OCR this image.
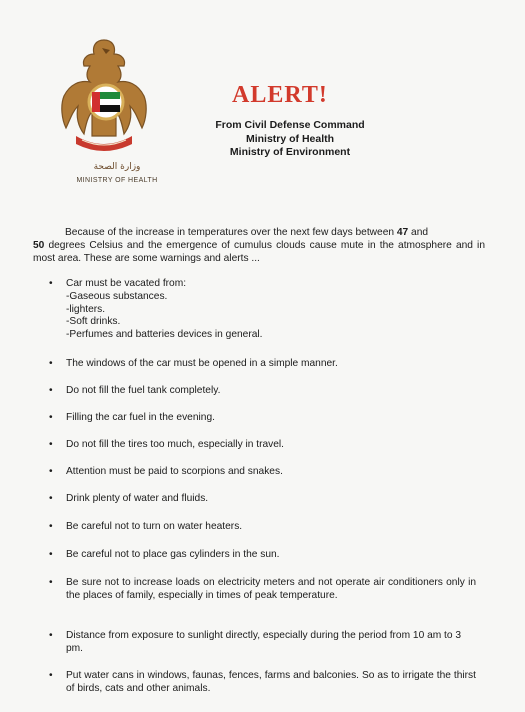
وزارة الصحة
MINISTRY OF HEALTH
ALERT!
From Civil Defense Command
Ministry of Health
Ministry of Environment

Because of the increase in temperatures over the next few days between 47 and
50 degrees Celsius and the emergence of cumulus clouds cause mute in the atmosphere and in most area. These are some warnings and alerts ...

• Car must be vacated from:
-Gaseous substances.
-lighters.
-Soft drinks.
-Perfumes and batteries devices in general.
• The windows of the car must be opened in a simple manner.
• Do not fill the fuel tank completely.
• Filling the car fuel in the evening.
• Do not fill the tires too much, especially in travel.
• Attention must be paid to scorpions and snakes.
• Drink plenty of water and fluids.
• Be careful not to turn on water heaters.
• Be careful not to place gas cylinders in the sun.
• Be sure not to increase loads on electricity meters and not operate air conditioners only in the places of family, especially in times of peak temperature.
• Distance from exposure to sunlight directly, especially during the period from 10 am to 3 pm.
• Put water cans in windows, faunas, fences, farms and balconies. So as to irrigate the thirst of birds, cats and other animals.
